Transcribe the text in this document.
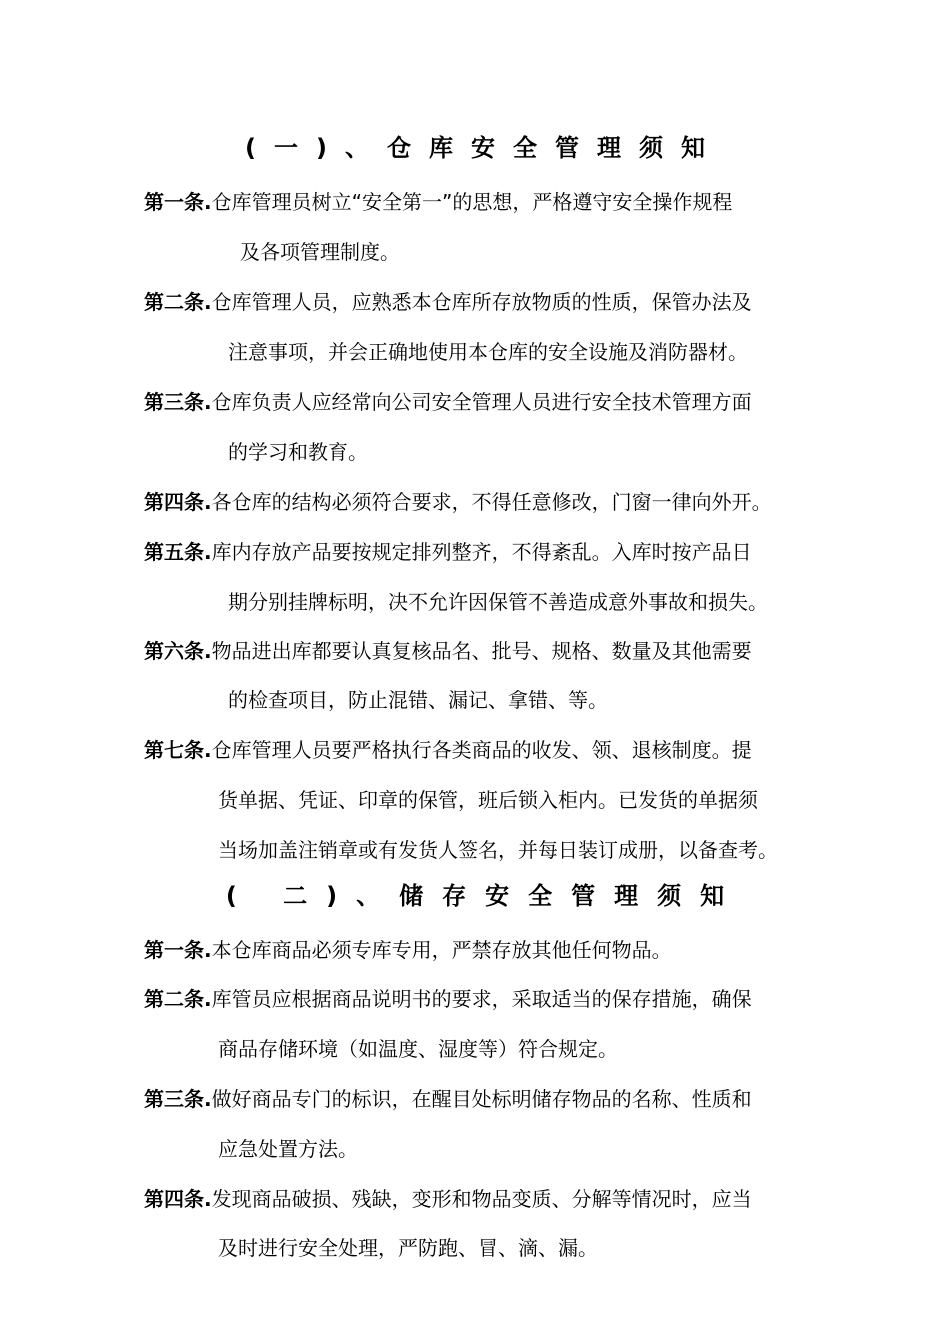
(一)、仓库安全管理须知
第一条.仓库管理员树立“安全第一”的思想，严格遵守安全操作规程
及各项管理制度。
第二条.仓库管理人员，应熟悉本仓库所存放物质的性质，保管办法及
注意事项，并会正确地使用本仓库的安全设施及消防器材。
第三条.仓库负责人应经常向公司安全管理人员进行安全技术管理方面
的学习和教育。
第四条.各仓库的结构必须符合要求，不得任意修改，门窗一律向外开。
第五条.库内存放产品要按规定排列整齐，不得紊乱。入库时按产品日
期分别挂牌标明，决不允许因保管不善造成意外事故和损失。
第六条.物品进出库都要认真复核品名、批号、规格、数量及其他需要
的检查项目，防止混错、漏记、拿错、等。
第七条.仓库管理人员要严格执行各类商品的收发、领、退核制度。提
货单据、凭证、印章的保管，班后锁入柜内。已发货的单据须
当场加盖注销章或有发货人签名，并每日装订成册，以备查考。
( 二)、储存安全管理须知
第一条.本仓库商品必须专库专用，严禁存放其他任何物品。
第二条.库管员应根据商品说明书的要求，采取适当的保存措施，确保
商品存储环境（如温度、湿度等）符合规定。
第三条.做好商品专门的标识，在醒目处标明储存物品的名称、性质和
应急处置方法。
第四条.发现商品破损、残缺，变形和物品变质、分解等情况时，应当
及时进行安全处理，严防跑、冒、滴、漏。
